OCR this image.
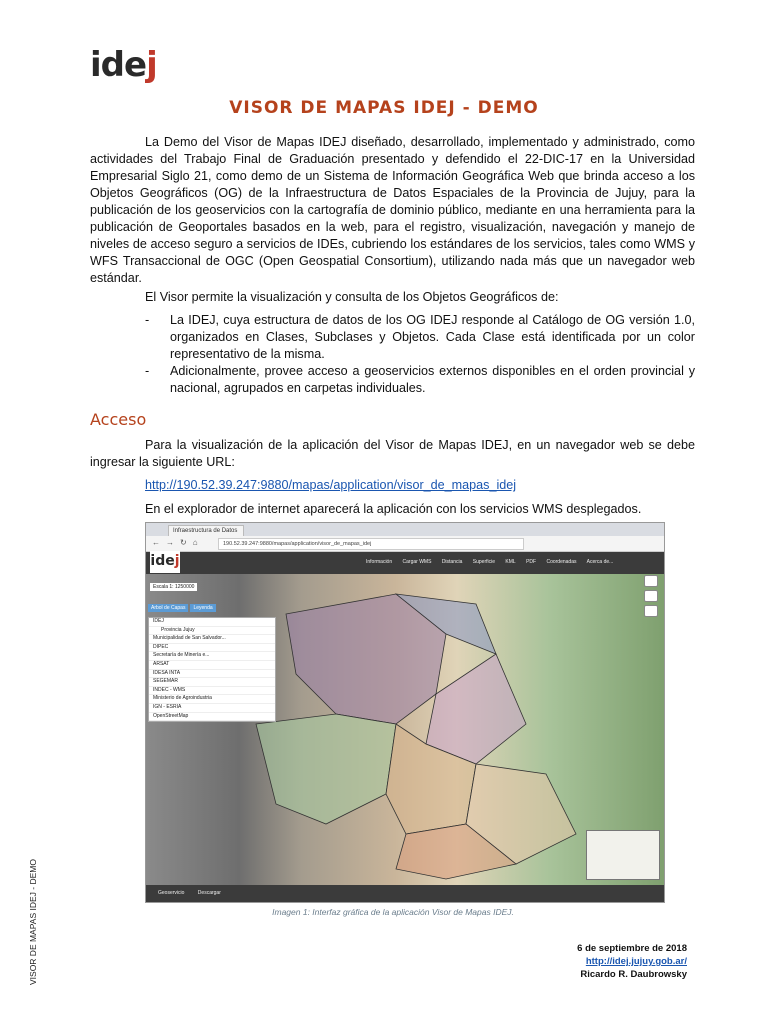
idej
VISOR DE MAPAS IDEJ - DEMO
La Demo del Visor de Mapas IDEJ diseñado, desarrollado, implementado y administrado, como actividades del Trabajo Final de Graduación presentado y defendido el 22-DIC-17 en la Universidad Empresarial Siglo 21, como demo de un Sistema de Información Geográfica Web que brinda acceso a los Objetos Geográficos (OG) de la Infraestructura de Datos Espaciales de la Provincia de Jujuy, para la publicación de los geoservicios con la cartografía de dominio público, mediante en una herramienta para la publicación de Geoportales basados en la web, para el registro, visualización, navegación y manejo de niveles de acceso seguro a servicios de IDEs, cubriendo los estándares de los servicios, tales como WMS y WFS Transaccional de OGC (Open Geospatial Consortium), utilizando nada más que un navegador web estándar.
El Visor permite la visualización y consulta de los Objetos Geográficos de:
- La IDEJ, cuya estructura de datos de los OG IDEJ responde al Catálogo de OG versión 1.0, organizados en Clases, Subclases y Objetos. Cada Clase está identificada por un color representativo de la misma.
- Adicionalmente, provee acceso a geoservicios externos disponibles en el orden provincial y nacional, agrupados en carpetas individuales.
Acceso
Para la visualización de la aplicación del Visor de Mapas IDEJ, en un navegador web se debe ingresar la siguiente URL:
http://190.52.39.247:9880/mapas/application/visor_de_mapas_idej
En el explorador de internet aparecerá la aplicación con los servicios WMS desplegados.
Infraestructura de Datos
←→↻⌂	190.52.39.247:9880/mapas/application/visor_de_mapas_idej
Información Cargar WMS Distancia Superficie KML PDF Coordenadas Acerca de...
idej
Escala 1: 1250000
Arbol de Capas Leyenda
IDEJ
Provincia Jujuy
Municipalidad de San Salvador...
DIPEC
Secretaría de Minería e...
ARSAT
IDESA INTA
SEGEMAR
INDEC - WMS
Ministerio de Agroindustria
IGN - ESRIA
OpenStreetMap
Geoservicio	Descargar
Imagen 1: Interfaz gráfica de la aplicación Visor de Mapas IDEJ.
6 de septiembre de 2018
http://idej.jujuy.gob.ar/
Ricardo R. Daubrowsky
VISOR DE MAPAS IDEJ - DEMO
